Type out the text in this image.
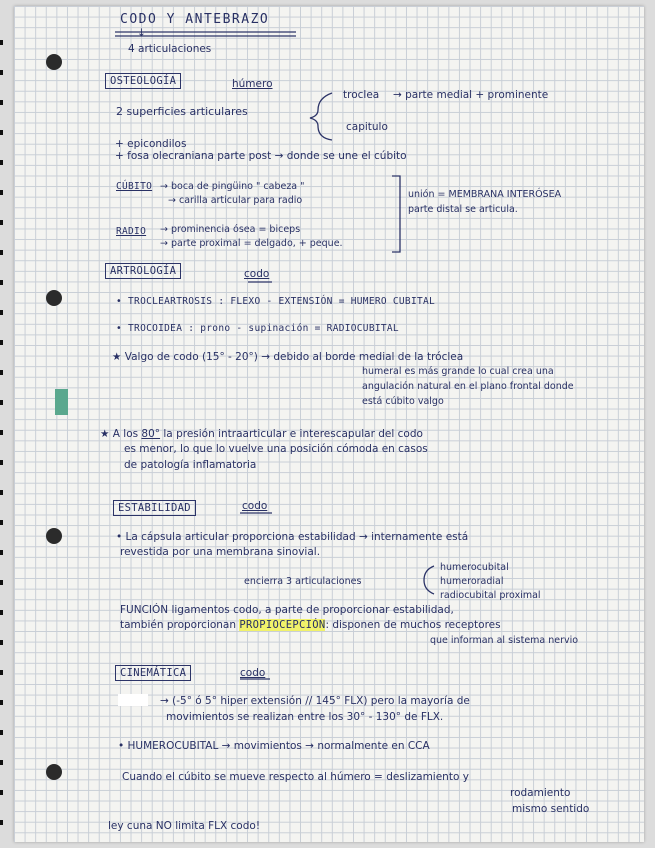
CODO Y ANTEBRAZO
↓
4 articulaciones
OSTEOLOGÍA	húmero
2 superficies articulares
troclea → parte medial + prominente
capitulo
+ epicondilos
+ fosa olecraniana parte post → donde se une el cúbito
CÚBITO → boca de pingüino " cabeza "
→ carilla articular para radio
RADIO → prominencia ósea = biceps
→ parte proximal = delgado, + peque.
unión = MEMBRANA INTERÓSEA
parte distal se articula.
ARTROLOGÍA	codo
• TROCLEARTROSIS : FLEXO - EXTENSIÓN = HUMERO CUBITAL
• TROCOIDEA : prono - supinación = RADIOCUBITAL
★ Valgo de codo (15° - 20°) → debido al borde medial de la tróclea
humeral es más grande lo cual crea una
angulación natural en el plano frontal donde
está cúbito valgo
★ A los 80° la presión intraarticular e interescapular del codo
es menor, lo que lo vuelve una posición cómoda en casos
de patología inflamatoria
ESTABILIDAD	codo
• La cápsula articular proporciona estabilidad → internamente está
revestida por una membrana sinovial.
encierra 3 articulaciones
humerocubital
humeroradial
radiocubital proximal
FUNCIÓN ligamentos codo, a parte de proporcionar estabilidad,
también proporcionan PROPIOCEPCIÓN: disponen de muchos receptores
que informan al sistema nervio
CINEMÁTICA	codo
→ (-5° ó 5° hiper extensión // 145° FLX) pero la mayoría de
movimientos se realizan entre los 30° - 130° de FLX.
• HUMEROCUBITAL → movimientos → normalmente en CCA
Cuando el cúbito se mueve respecto al húmero = deslizamiento y
rodamiento
mismo sentido
ley cuna NO limita FLX codo!
